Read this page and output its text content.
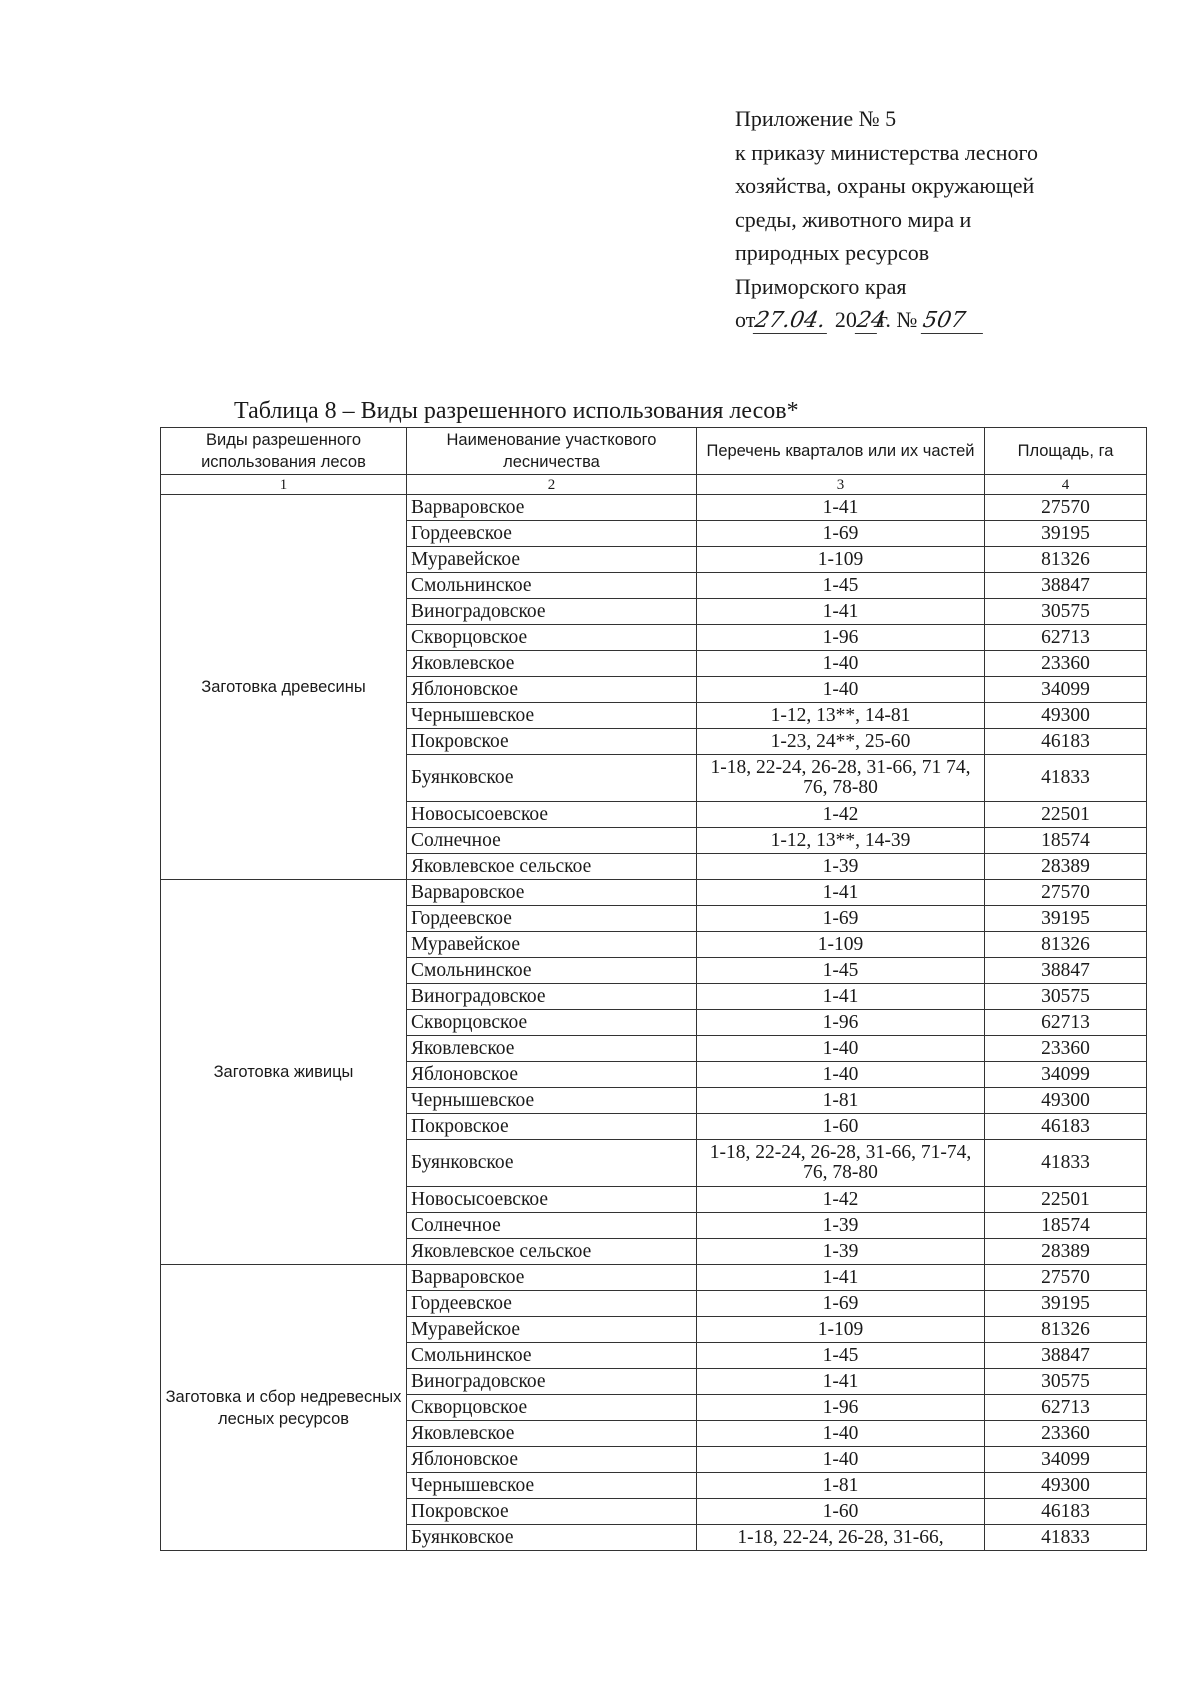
Приложение № 5
к приказу министерства лесного
хозяйства, охраны окружающей
среды, животного мира и
природных ресурсов
Приморского края
от27.04. 2024г. № 507
Таблица 8 – Виды разрешенного использования лесов*
Виды разрешенного использования лесов	Наименование участкового лесничества	Перечень кварталов или их частей	Площадь, га
1	2	3	4
Заготовка древесины	Варваровское	1-41	27570
	Гордеевское	1-69	39195
	Муравейское	1-109	81326
	Смольнинское	1-45	38847
	Виноградовское	1-41	30575
	Скворцовское	1-96	62713
	Яковлевское	1-40	23360
	Яблоновское	1-40	34099
	Чернышевское	1-12, 13**, 14-81	49300
	Покровское	1-23, 24**, 25-60	46183
	Буянковское	1-18, 22-24, 26-28, 31-66, 71 74, 76, 78-80	41833
	Новосысоевское	1-42	22501
	Солнечное	1-12, 13**, 14-39	18574
	Яковлевское сельское	1-39	28389
Заготовка живицы	Варваровское	1-41	27570
	Гордеевское	1-69	39195
	Муравейское	1-109	81326
	Смольнинское	1-45	38847
	Виноградовское	1-41	30575
	Скворцовское	1-96	62713
	Яковлевское	1-40	23360
	Яблоновское	1-40	34099
	Чернышевское	1-81	49300
	Покровское	1-60	46183
	Буянковское	1-18, 22-24, 26-28, 31-66, 71-74, 76, 78-80	41833
	Новосысоевское	1-42	22501
	Солнечное	1-39	18574
	Яковлевское сельское	1-39	28389
Заготовка и сбор недревесных лесных ресурсов	Варваровское	1-41	27570
	Гордеевское	1-69	39195
	Муравейское	1-109	81326
	Смольнинское	1-45	38847
	Виноградовское	1-41	30575
	Скворцовское	1-96	62713
	Яковлевское	1-40	23360
	Яблоновское	1-40	34099
	Чернышевское	1-81	49300
	Покровское	1-60	46183
	Буянковское	1-18, 22-24, 26-28, 31-66,	41833
